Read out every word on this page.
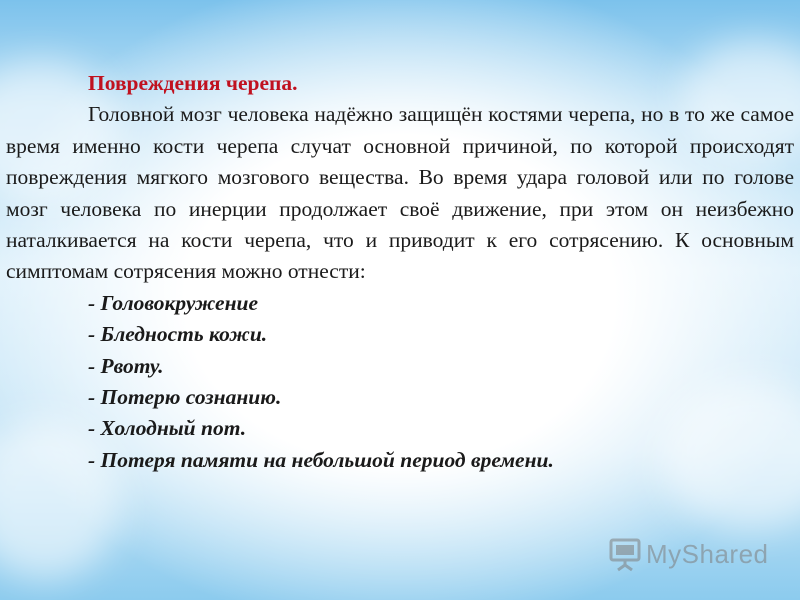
Повреждения черепа.

Головной мозг человека надёжно защищён костями черепа, но в то же самое время именно кости черепа случат основной причиной, по которой происходят повреждения мягкого мозгового вещества. Во время удара головой или по голове мозг человека по инерции продолжает своё движение, при этом он неизбежно наталкивается на кости черепа, что и приводит к его сотрясению. К основным симптомам сотрясения можно отнести:

- Головокружение
- Бледность кожи.
- Рвоту.
- Потерю сознанию.
- Холодный пот.
- Потеря памяти на небольшой период времени.
MyShared
